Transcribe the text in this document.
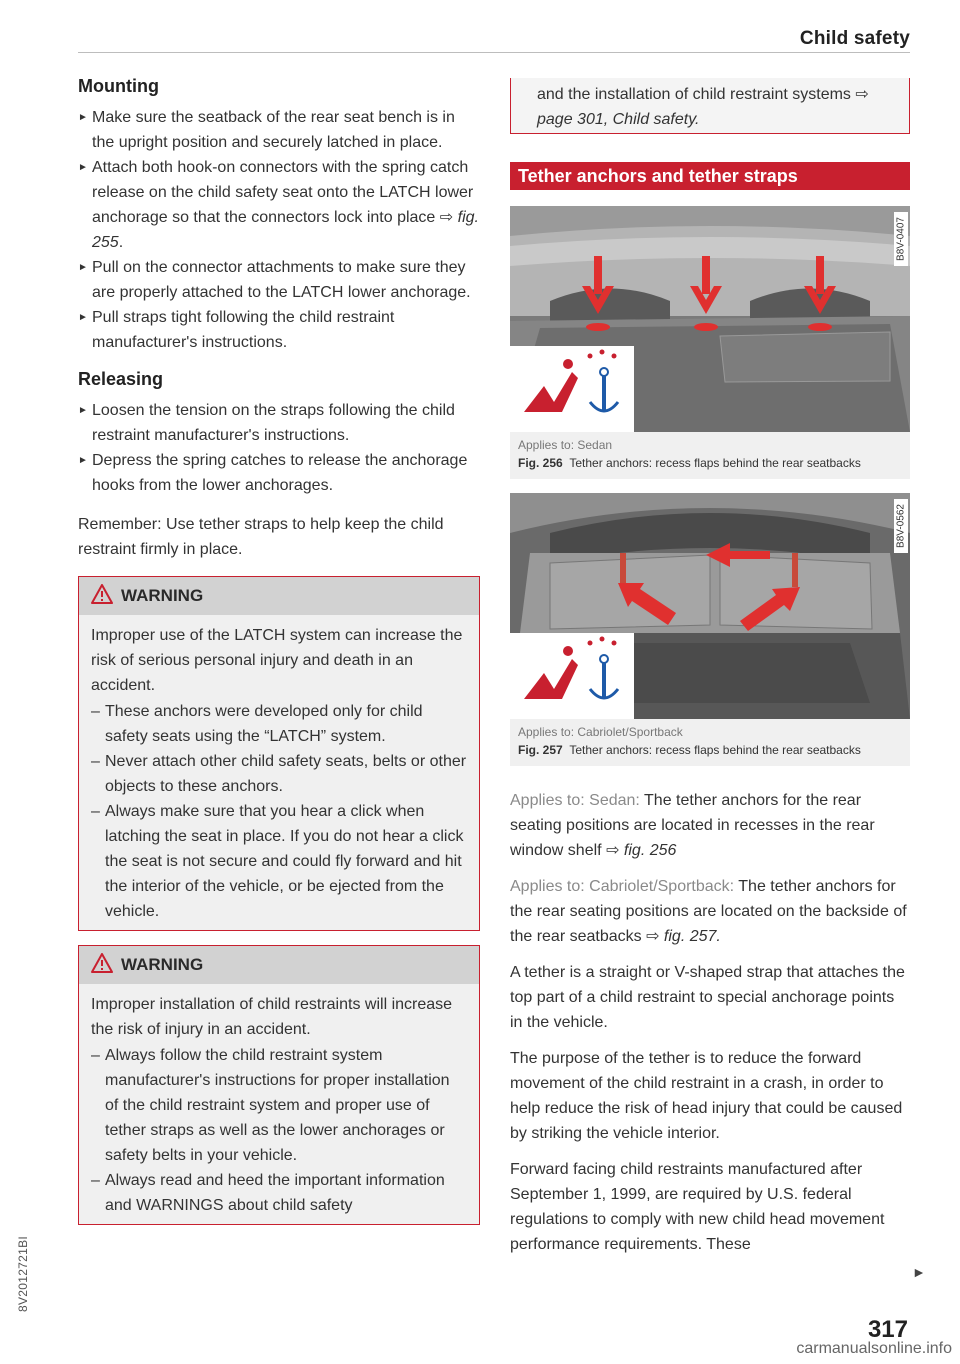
Child safety
Mounting
► Make sure the seatback of the rear seat bench is in the upright position and securely latched in place.
► Attach both hook-on connectors with the spring catch release on the child safety seat onto the LATCH lower anchorage so that the connectors lock into place ⇨ fig. 255.
► Pull on the connector attachments to make sure they are properly attached to the LATCH lower anchorage.
► Pull straps tight following the child restraint manufacturer's instructions.
Releasing
► Loosen the tension on the straps following the child restraint manufacturer's instructions.
► Depress the spring catches to release the anchorage hooks from the lower anchorages.

Remember: Use tether straps to help keep the child restraint firmly in place.

WARNING

Improper use of the LATCH system can increase the risk of serious personal injury and death in an accident.

– These anchors were developed only for child safety seats using the “LATCH” system.
– Never attach other child safety seats, belts or other objects to these anchors.
– Always make sure that you hear a click when latching the seat in place. If you do not hear a click the seat is not secure and could fly forward and hit the interior of the vehicle, or be ejected from the vehicle.
WARNING

Improper installation of child restraints will increase the risk of injury in an accident.

– Always follow the child restraint system manufacturer's instructions for proper installation of the child restraint system and proper use of tether straps as well as the lower anchorages or safety belts in your vehicle.
– Always read and heed the important information and WARNINGS about child safety

and the installation of child restraint systems ⇨ page 301, Child safety.

Tether anchors and tether straps
B8V-0407
Applies to: Sedan
Fig. 256 Tether anchors: recess flaps behind the rear seatbacks
B8V-0562
Applies to: Cabriolet/Sportback
Fig. 257 Tether anchors: recess flaps behind the rear seatbacks

Applies to: Sedan: The tether anchors for the rear seating positions are located in recesses in the rear window shelf ⇨ fig. 256

Applies to: Cabriolet/Sportback: The tether anchors for the rear seating positions are located on the backside of the rear seatbacks ⇨ fig. 257.

A tether is a straight or V-shaped strap that attaches the top part of a child restraint to special anchorage points in the vehicle.

The purpose of the tether is to reduce the forward movement of the child restraint in a crash, in order to help reduce the risk of head injury that could be caused by striking the vehicle interior.

Forward facing child restraints manufactured after September 1, 1999, are required by U.S. federal regulations to comply with new child head movement performance requirements. These

►
317
8V2012721BI
carmanualsonline.info
